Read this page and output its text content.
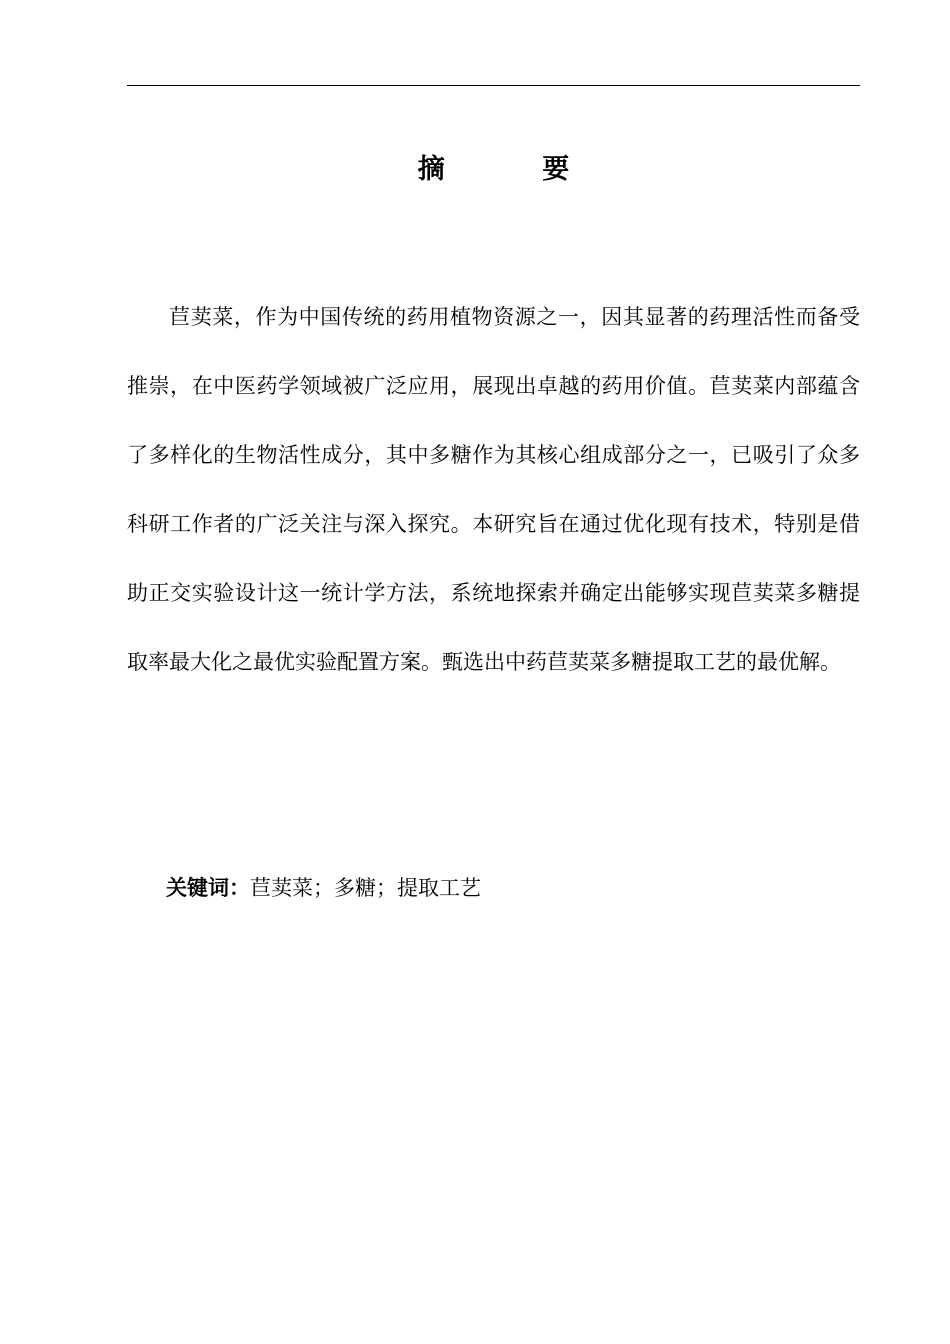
摘 要

苣荬菜，作为中国传统的药用植物资源之一，因其显著的药理活性而备受推崇，在中医药学领域被广泛应用，展现出卓越的药用价值。苣荬菜内部蕴含了多样化的生物活性成分，其中多糖作为其核心组成部分之一，已吸引了众多科研工作者的广泛关注与深入探究。本研究旨在通过优化现有技术，特别是借助正交实验设计这一统计学方法，系统地探索并确定出能够实现苣荬菜多糖提取率最大化之最优实验配置方案。甄选出中药苣荬菜多糖提取工艺的最优解。

关键词：苣荬菜；多糖；提取工艺
